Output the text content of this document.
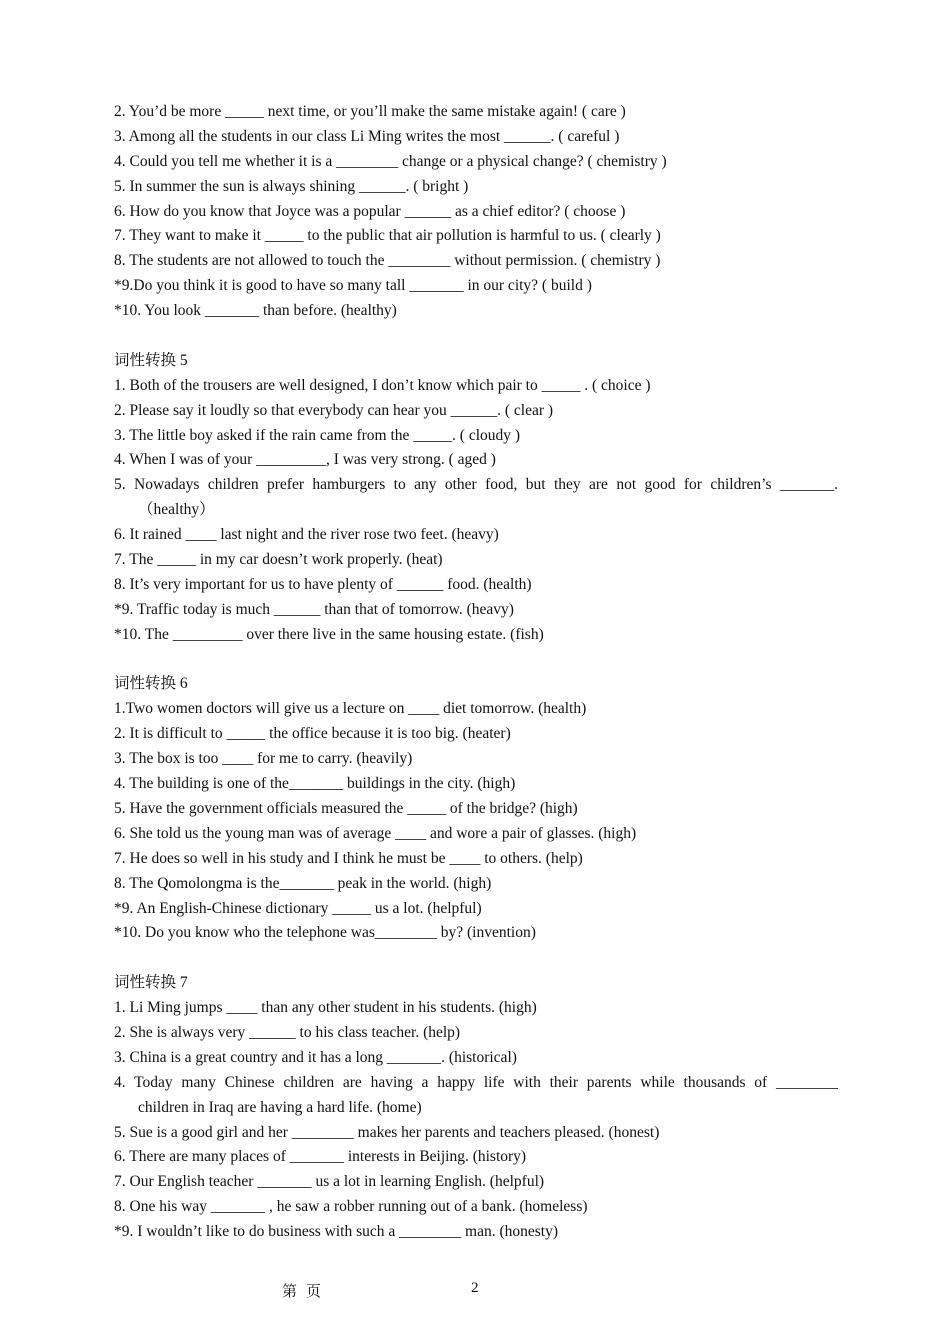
2. You’d be more _____ next time, or you’ll make the same mistake again! ( care )
3. Among all the students in our class Li Ming writes the most ______. ( careful )
4. Could you tell me whether it is a ________ change or a physical change? ( chemistry )
5. In summer the sun is always shining ______. ( bright )
6. How do you know that Joyce was a popular ______ as a chief editor? ( choose )
7. They want to make it _____ to the public that air pollution is harmful to us. ( clearly )
8. The students are not allowed to touch the ________ without permission. ( chemistry )
*9.Do you think it is good to have so many tall _______ in our city? ( build )
*10. You look _______ than before. (healthy)
词性转换 5
1. Both of the trousers are well designed, I don’t know which pair to _____ . ( choice )
2. Please say it loudly so that everybody can hear you ______. ( clear )
3. The little boy asked if the rain came from the _____. ( cloudy )
4. When I was of your _________, I was very strong. ( aged )
5. Nowadays children prefer hamburgers to any other food, but they are not good for children’s _______.
（healthy）
6. It rained ____ last night and the river rose two feet. (heavy)
7. The _____ in my car doesn’t work properly. (heat)
8. It’s very important for us to have plenty of ______ food. (health)
*9. Traffic today is much ______ than that of tomorrow. (heavy)
*10. The _________ over there live in the same housing estate. (fish)
词性转换 6
1.Two women doctors will give us a lecture on ____ diet tomorrow. (health)
2. It is difficult to _____ the office because it is too big. (heater)
3. The box is too ____ for me to carry. (heavily)
4. The building is one of the_______ buildings in the city. (high)
5. Have the government officials measured the _____ of the bridge? (high)
6. She told us the young man was of average ____ and wore a pair of glasses. (high)
7. He does so well in his study and I think he must be ____ to others. (help)
8. The Qomolongma is the_______ peak in the world. (high)
*9. An English-Chinese dictionary _____ us a lot. (helpful)
*10. Do you know who the telephone was________ by? (invention)
词性转换 7
1. Li Ming jumps ____ than any other student in his students. (high)
2. She is always very ______ to his class teacher. (help)
3. China is a great country and it has a long _______. (historical)
4. Today many Chinese children are having a happy life with their parents while thousands of ________
children in Iraq are having a hard life. (home)
5. Sue is a good girl and her ________ makes her parents and teachers pleased. (honest)
6. There are many places of _______ interests in Beijing. (history)
7. Our English teacher _______ us a lot in learning English. (helpful)
8. One his way _______ , he saw a robber running out of a bank. (homeless)
*9. I wouldn’t like to do business with such a ________ man. (honesty)
第 页	2
